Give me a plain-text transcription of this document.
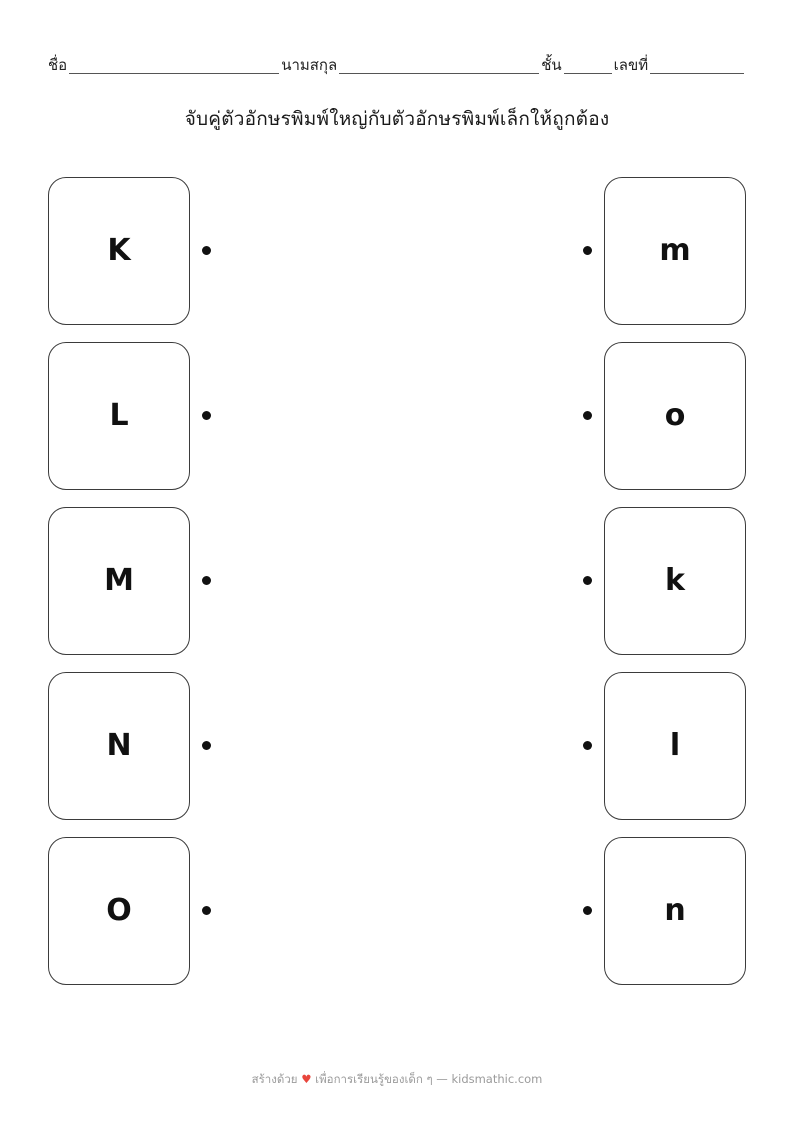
ชื่อ	นามสกุล	ชั้น	เลขที่
จับคู่ตัวอักษรพิมพ์ใหญ่กับตัวอักษรพิมพ์เล็กให้ถูกต้อง
K	m
L	o
M	k
N	l
O	n
สร้างด้วย ♥ เพื่อการเรียนรู้ของเด็ก ๆ — kidsmathic.com
